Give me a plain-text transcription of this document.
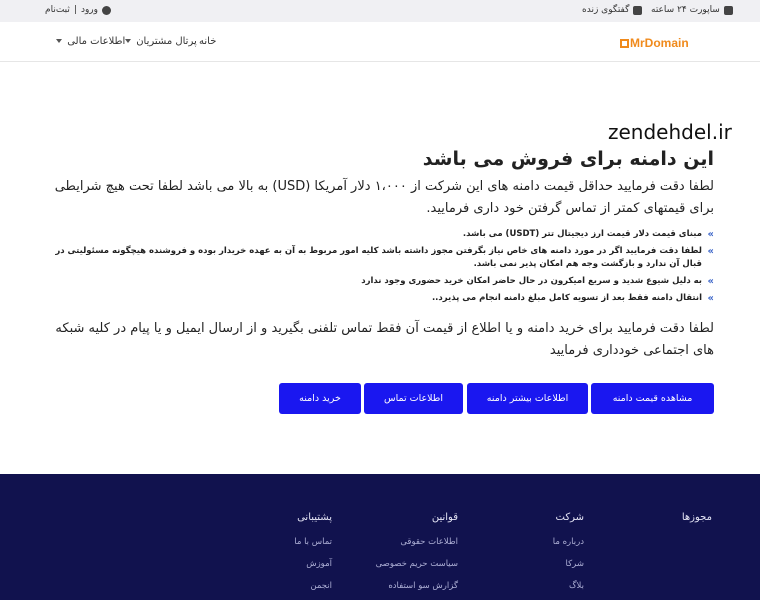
ورود
|
ثبت‌نام	گفتگوی زنده ساپورت ۲۴ ساعته
اطلاعات مالی	پرتال مشتریان خانه	MrDomain
zendehdel.ir
این دامنه برای فروش می باشد
لطفا دقت فرمایید حداقل قیمت دامنه های این شرکت از ۱،۰۰۰ دلار آمریکا (USD) به بالا می باشد لطفا تحت هیچ شرایطی برای قیمتهای کمتر از تماس گرفتن خود داری فرمایید.
» مبنای قیمت دلار قیمت ارز دیجیتال تتر (USDT) می باشد.
» لطفا دقت فرمایید اگر در مورد دامنه های خاص نیاز بگرفتن مجوز داشته باشد کلیه امور مربوط به آن به عهده خریدار بوده و فروشنده هیچگونه مسئولیتی در قبال آن ندارد و بازگشت وجه هم امکان پذیر نمی باشد.
» به دلیل شیوع شدید و سریع امیکرون در حال حاضر امکان خرید حضوری وجود ندارد
» انتقال دامنه فقط بعد از تسویه کامل مبلغ دامنه انجام می پذیرد..
لطفا دقت فرمایید برای خرید دامنه و یا اطلاع از قیمت آن فقط تماس تلفنی بگیرید و از ارسال ایمیل و یا پیام در کلیه شبکه های اجتماعی خودداری فرمایید
مشاهده قیمت دامنه
اطلاعات بیشتر دامنه
اطلاعات تماس
خرید دامنه
مجوزها
شرکت
درباره ما
شرکا
بلاگ
قوانین
اطلاعات حقوقی
سیاست حریم خصوصی
گزارش سو استفاده
پشتیبانی
تماس با ما
آموزش
انجمن
